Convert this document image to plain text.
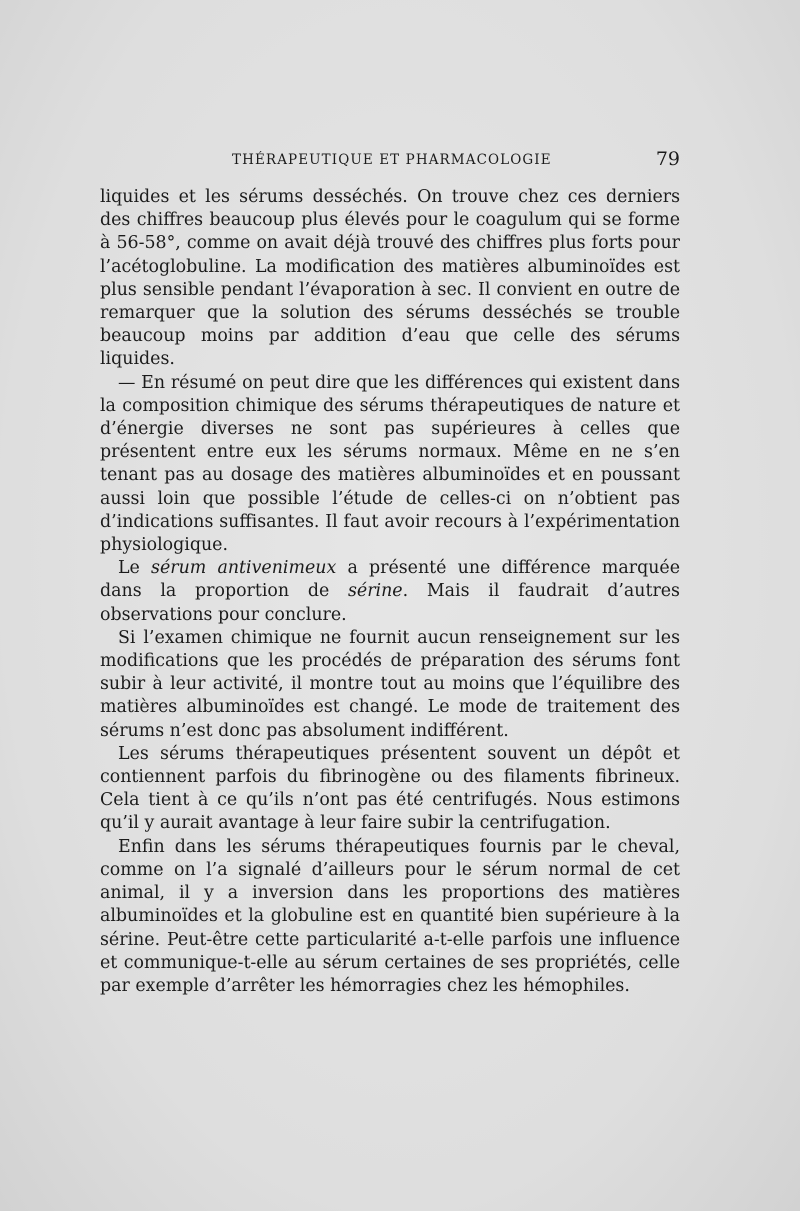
THÉRAPEUTIQUE ET PHARMACOLOGIE	79

liquides et les sérums desséchés. On trouve chez ces derniers des chiffres beaucoup plus élevés pour le coagulum qui se forme à 56-58°, comme on avait déjà trouvé des chiffres plus forts pour l’acétoglobuline. La modification des matières albuminoïdes est plus sensible pendant l’évaporation à sec. Il convient en outre de remarquer que la solution des sérums desséchés se trouble beaucoup moins par addition d’eau que celle des sérums liquides.

— En résumé on peut dire que les différences qui existent dans la composition chimique des sérums thérapeutiques de nature et d’énergie diverses ne sont pas supérieures à celles que présentent entre eux les sérums normaux. Même en ne s’en tenant pas au dosage des matières albuminoïdes et en poussant aussi loin que possible l’étude de celles-ci on n’obtient pas d’indications suffisantes. Il faut avoir recours à l’expérimentation physiologique.

Le sérum antivenimeux a présenté une différence marquée dans la proportion de sérine. Mais il faudrait d’autres observations pour conclure.

Si l’examen chimique ne fournit aucun renseignement sur les modifications que les procédés de préparation des sérums font subir à leur activité, il montre tout au moins que l’équilibre des matières albuminoïdes est changé. Le mode de traitement des sérums n’est donc pas absolument indifférent.

Les sérums thérapeutiques présentent souvent un dépôt et contiennent parfois du fibrinogène ou des filaments fibrineux. Cela tient à ce qu’ils n’ont pas été centrifugés. Nous estimons qu’il y aurait avantage à leur faire subir la centrifugation.

Enfin dans les sérums thérapeutiques fournis par le cheval, comme on l’a signalé d’ailleurs pour le sérum normal de cet animal, il y a inversion dans les proportions des matières albuminoïdes et la globuline est en quantité bien supérieure à la sérine. Peut-être cette particularité a-t-elle parfois une influence et communique-t-elle au sérum certaines de ses propriétés, celle par exemple d’arrêter les hémorragies chez les hémophiles.
